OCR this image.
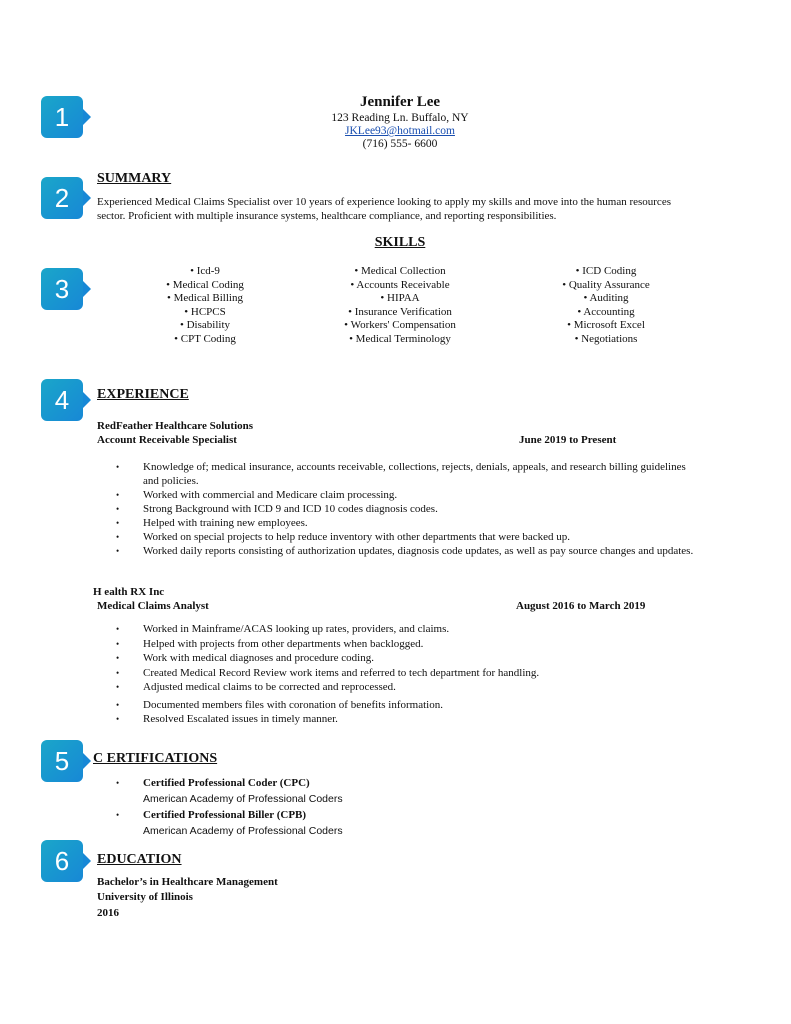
1
2
3
4
5
6
Jennifer Lee
123 Reading Ln. Buffalo, NY
JKLee93@hotmail.com
(716) 555- 6600
SUMMARY
Experienced Medical Claims Specialist over 10 years of experience looking to apply my skills and move into the human resources sector. Proficient with multiple insurance systems, healthcare compliance, and reporting responsibilities.
SKILLS
• Icd-9
• Medical Coding
• Medical Billing
• HCPCS
• Disability
• CPT Coding
• Medical Collection
• Accounts Receivable
• HIPAA
• Insurance Verification
• Workers' Compensation
• Medical Terminology
• ICD Coding
• Quality Assurance
• Auditing
• Accounting
• Microsoft Excel
• Negotiations
EXPERIENCE
RedFeather Healthcare Solutions
Account Receivable Specialist	June 2019 to Present
• Knowledge of; medical insurance, accounts receivable, collections, rejects, denials, appeals, and research billing guidelines and policies.
• Worked with commercial and Medicare claim processing.
• Strong Background with ICD 9 and ICD 10 codes diagnosis codes.
• Helped with training new employees.
• Worked on special projects to help reduce inventory with other departments that were backed up.
• Worked daily reports consisting of authorization updates, diagnosis code updates, as well as pay source changes and updates.
H ealth RX Inc
Medical Claims Analyst	August 2016 to March 2019
• Worked in Mainframe/ACAS looking up rates, providers, and claims.
• Helped with projects from other departments when backlogged.
• Work with medical diagnoses and procedure coding.
• Created Medical Record Review work items and referred to tech department for handling.
• Adjusted medical claims to be corrected and reprocessed.
• Documented members files with coronation of benefits information.
• Resolved Escalated issues in timely manner.
C ERTIFICATIONS
• Certified Professional Coder (CPC)
American Academy of Professional Coders
• Certified Professional Biller (CPB)
American Academy of Professional Coders
EDUCATION
Bachelor’s in Healthcare Management
University of Illinois
2016
